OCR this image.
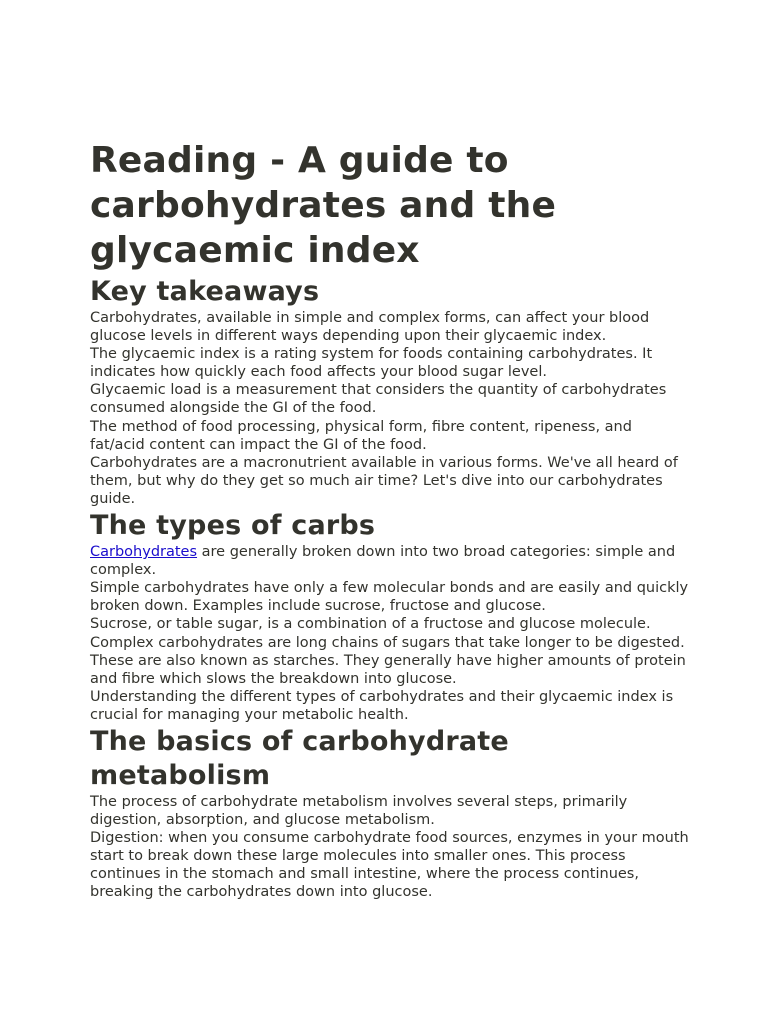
Reading - A guide to carbohydrates and the glycaemic index
Key takeaways

Carbohydrates, available in simple and complex forms, can affect your blood glucose levels in different ways depending upon their glycaemic index.

The glycaemic index is a rating system for foods containing carbohydrates. It indicates how quickly each food affects your blood sugar level.

Glycaemic load is a measurement that considers the quantity of carbohydrates consumed alongside the GI of the food.

The method of food processing, physical form, fibre content, ripeness, and fat/acid content can impact the GI of the food.

Carbohydrates are a macronutrient available in various forms. We've all heard of them, but why do they get so much air time? Let's dive into our carbohydrates guide.

The types of carbs

Carbohydrates are generally broken down into two broad categories: simple and complex.

Simple carbohydrates have only a few molecular bonds and are easily and quickly broken down. Examples include sucrose, fructose and glucose.

Sucrose, or table sugar, is a combination of a fructose and glucose molecule.

Complex carbohydrates are long chains of sugars that take longer to be digested. These are also known as starches. They generally have higher amounts of protein and fibre which slows the breakdown into glucose.

Understanding the different types of carbohydrates and their glycaemic index is crucial for managing your metabolic health.

The basics of carbohydrate metabolism

The process of carbohydrate metabolism involves several steps, primarily digestion, absorption, and glucose metabolism.

Digestion: when you consume carbohydrate food sources, enzymes in your mouth start to break down these large molecules into smaller ones. This process continues in the stomach and small intestine, where the process continues, breaking the carbohydrates down into glucose.
